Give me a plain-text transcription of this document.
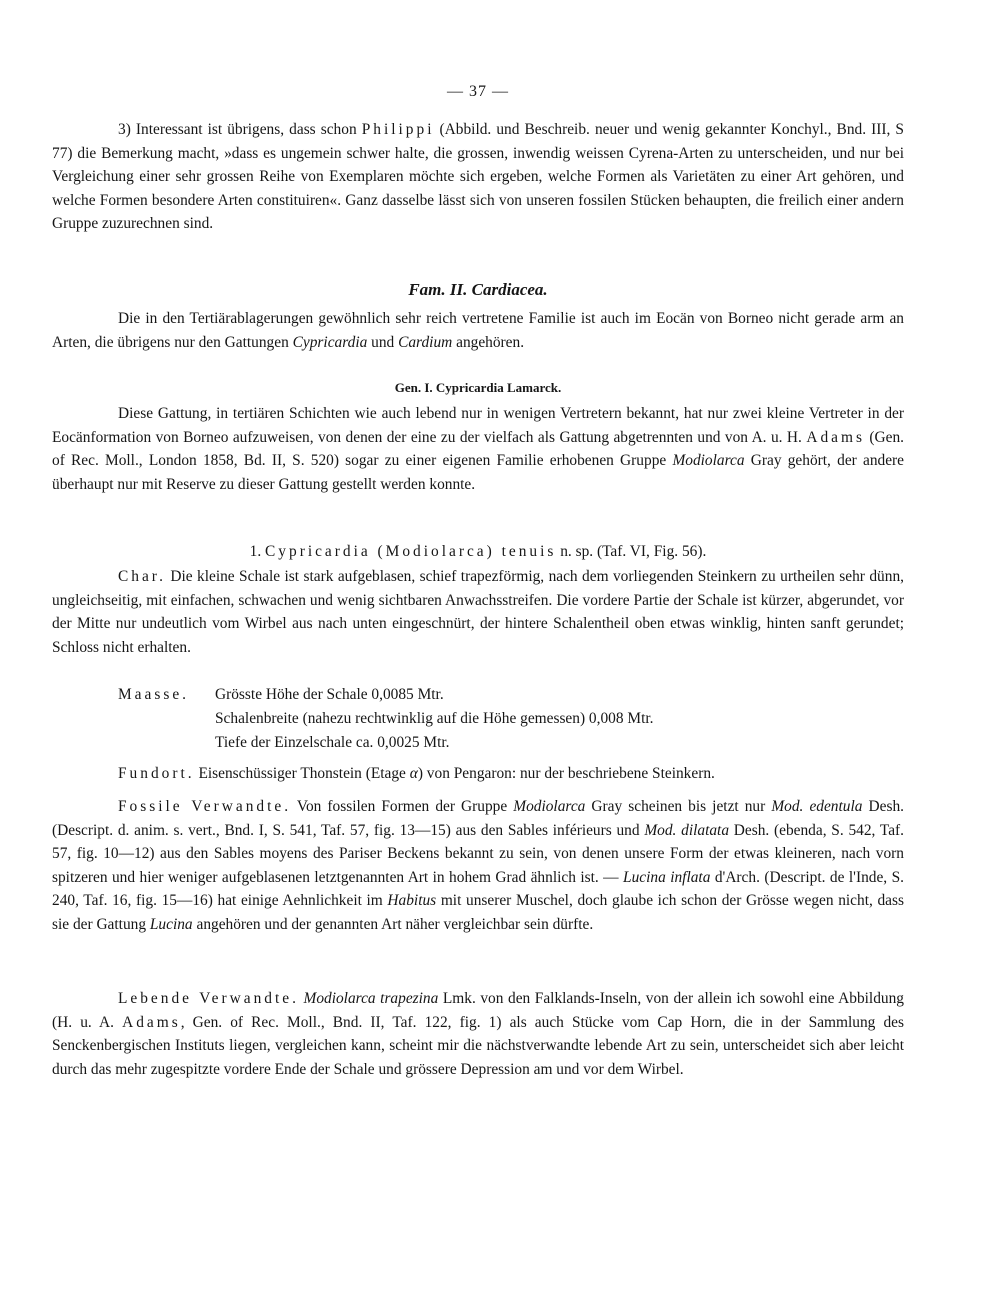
— 37 —

3) Interessant ist übrigens, dass schon Philippi (Abbild. und Beschreib. neuer und wenig gekannter Konchyl., Bnd. III, S 77) die Bemerkung macht, »dass es ungemein schwer halte, die grossen, inwendig weissen Cyrena-Arten zu unterscheiden, und nur bei Vergleichung einer sehr grossen Reihe von Exemplaren möchte sich ergeben, welche Formen als Varietäten zu einer Art gehören, und welche Formen besondere Arten constituiren«. Ganz dasselbe lässt sich von unseren fossilen Stücken behaupten, die freilich einer andern Gruppe zuzurechnen sind.

Fam. II. Cardiacea.

Die in den Tertiärablagerungen gewöhnlich sehr reich vertretene Familie ist auch im Eocän von Borneo nicht gerade arm an Arten, die übrigens nur den Gattungen Cypricardia und Cardium angehören.

Gen. I. Cypricardia Lamarck.

Diese Gattung, in tertiären Schichten wie auch lebend nur in wenigen Vertretern bekannt, hat nur zwei kleine Vertreter in der Eocänformation von Borneo aufzuweisen, von denen der eine zu der vielfach als Gattung abgetrennten und von A. u. H. Adams (Gen. of Rec. Moll., London 1858, Bd. II, S. 520) sogar zu einer eigenen Familie erhobenen Gruppe Modiolarca Gray gehört, der andere überhaupt nur mit Reserve zu dieser Gattung gestellt werden konnte.

1. Cypricardia (Modiolarca) tenuis n. sp. (Taf. VI, Fig. 56).

Char. Die kleine Schale ist stark aufgeblasen, schief trapezförmig, nach dem vorliegenden Steinkern zu urtheilen sehr dünn, ungleichseitig, mit einfachen, schwachen und wenig sichtbaren Anwachsstreifen. Die vordere Partie der Schale ist kürzer, abgerundet, vor der Mitte nur undeutlich vom Wirbel aus nach unten eingeschnürt, der hintere Schalentheil oben etwas winklig, hinten sanft gerundet; Schloss nicht erhalten.

Maasse. Grösste Höhe der Schale 0,0085 Mtr.
Schalenbreite (nahezu rechtwinklig auf die Höhe gemessen) 0,008 Mtr.
Tiefe der Einzelschale ca. 0,0025 Mtr.

Fundort. Eisenschüssiger Thonstein (Etage α) von Pengaron: nur der beschriebene Steinkern.

Fossile Verwandte. Von fossilen Formen der Gruppe Modiolarca Gray scheinen bis jetzt nur Mod. edentula Desh. (Descript. d. anim. s. vert., Bnd. I, S. 541, Taf. 57, fig. 13—15) aus den Sables inférieurs und Mod. dilatata Desh. (ebenda, S. 542, Taf. 57, fig. 10—12) aus den Sables moyens des Pariser Beckens bekannt zu sein, von denen unsere Form der etwas kleineren, nach vorn spitzeren und hier weniger aufgeblasenen letztgenannten Art in hohem Grad ähnlich ist. — Lucina inflata d'Arch. (Descript. de l'Inde, S. 240, Taf. 16, fig. 15—16) hat einige Aehnlichkeit im Habitus mit unserer Muschel, doch glaube ich schon der Grösse wegen nicht, dass sie der Gattung Lucina angehören und der genannten Art näher vergleichbar sein dürfte.

Lebende Verwandte. Modiolarca trapezina Lmk. von den Falklands-Inseln, von der allein ich sowohl eine Abbildung (H. u. A. Adams, Gen. of Rec. Moll., Bnd. II, Taf. 122, fig. 1) als auch Stücke vom Cap Horn, die in der Sammlung des Senckenbergischen Instituts liegen, vergleichen kann, scheint mir die nächstverwandte lebende Art zu sein, unterscheidet sich aber leicht durch das mehr zugespitzte vordere Ende der Schale und grössere Depression am und vor dem Wirbel.
